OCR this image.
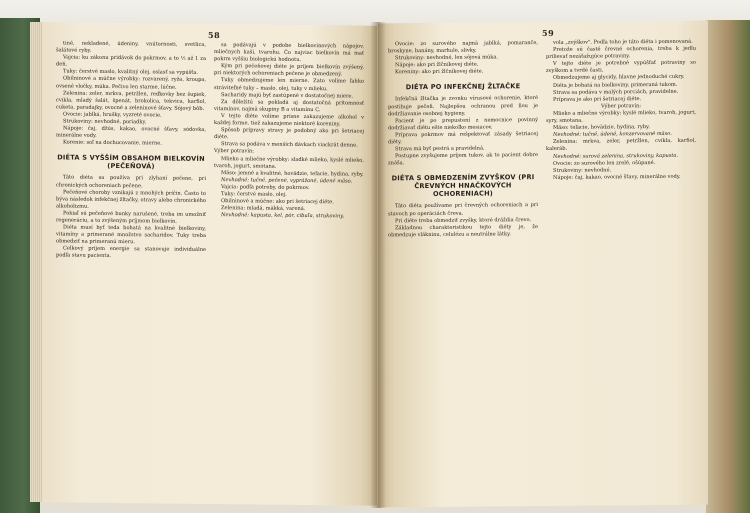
58

tiné, nekladené, údeniny, vnútornosti, svetlica, šalátové ryby.

Vajcia: ku zákonu pridávok do pokrmov, a to ½ až 1 za deň.

Tuky: čerstvé maslo, kvalitný olej, oslasť sa vypúšťa.

Obilninové a múčne výrobky: rozvarený, ryža, kroupa, ovsené vločky, múka. Pečivo len starme, lúčne.

Zelenina: zeler, mrkva, petržlen, reďkovky bez šupiek, cvikla, mladý šalát, špenát, brokolica, tekvica, karfiol, cuketa, paradajky, ovocné a zeleninové šťavy. Sójový bôb.

Ovocie: jablká, hrušky, vyzreté ovocie.

Strukoviny: nevhodné, poriadky.

Nápoje: čaj, džús, kakao, ovocné šťavy, sódovka, minerálne vody.

Korenie: soľ na dochucovanie, mierne.

DIÉTA S VYŠŠÍM OBSAHOM BIELKOVÍN (PEČEŇOVÁ)

Táto diéta sa používa pri zlyhaní pečene, pri chronických ochoreniach pečene.

Pečeňové choroby vznikajú z mnohých príčin. Často to býva následok infekčnej žltačky, otravy alebo chronického alkoholizmu.

Pokiaľ sú pečeňové bunky narušené, treba im umožniť regeneráciu, a to zvýšeným príjmom bielkovín.

Diéta musí byť teda bohatá na kvalitné bielkoviny, vitamíny a primerané množstvo sacharidov. Tuky treba obmedziť na primeranú mieru.

Celkový príjem energie sa stanovuje individuálne podľa stavu pacienta.

sa podávajú v podobe bielkovinových nápojov, mliečnych kaší, tvarohu. Čo najviac bielkovín má mať pokrm vyššiu biologickú hodnotu.

Kým pri pečeňovej diéte je príjem bielkovín zvýšený, pri niektorých ochoreniach pečene je obmedzený.

Tuky obmedzujeme len mierne. Zato volíme ľahko stráviteľné tuky – maslo, olej, tuky v mlieku.

Sacharidy majú byť zastúpené v dostatočnej miere.

Za dôležitú sa pokladá aj dostatočná prítomnosť vitamínov, najmä skupiny B a vitamínu C.

V tejto diéte volíme prísne zakazujeme alkohol v každej forme, tiež zakazujeme niektoré koreniny.

Spôsob prípravy stravy je podobný ako pri šetriacej diéte.

Strava sa podáva v menších dávkach viackrát denne.

Výber potravín:

Mlieko a mliečne výrobky: sladké mlieko, kyslé mlieko, tvaroh, jogurt, smotana.

Mäso: jemné a kvalitné, hovädzie, teľacie, hydina, ryby.

Nevhodné: tučné, pečené, vyprážané, údené mäso.

Vajcia: podľa potreby, do pokrmov.

Tuky: čerstvé maslo, olej.

Obilninové a múčne: ako pri šetriacej diéte.

Zelenina: mladá, mäkká, varená.

Nevhodné: kapusta, kel, pór, cibuľa, strukoviny.

59

Ovocie: zo surového najmä jablká, pomaranče, broskyne, banány, marhule, slivky.

Strukoviny: nevhodné, len sójová múka.

Nápoje: ako pri žlčníkovej diéte.

Koreniny: ako pri žlčníkovej diéte.

DIÉTA PO INFEKČNEJ ŽLTAČKE

Infekčná žltačka je zvonku vírusové ochorenie, ktoré postihuje pečeň. Najlepšou ochranou pred ňou je dodržiavanie osobnej hygieny.

Pacient je po prepustení z nemocnice povinný dodržiavať diétu ešte niekoľko mesiacov.

Príprava pokrmov má rešpektovať zásady šetriacej diéty.

Strava má byť pestrá a pravidelná.

Postupne zvyšujeme príjem tukov, ak to pacient dobre znáša.

DIÉTA S OBMEDZENÍM ZVYŠKOV (PRI ČREVNÝCH HNAČKOVÝCH OCHORENIACH)

Táto diéta používame pri črevných ochoreniach a pri stavoch po operáciách čreva.

Pri diéte treba obmedziť zvyšky, ktoré dráždia črevo.

Základnou charakteristikou tejto diéty je, že obmedzuje vlákninu, celulózu a neutrálne látky.

vola „zvýškov". Podľa toho je táto diéta i pomenovaná.

Pretože sú časté črevné ochorenia, treba k jedlu prilievať nezáťažujúce potraviny.

V tejto diéte je potrebné vypúšťať potraviny so zvyškom a tvrdé časti.

Obmedzujeme aj glycidy, hlavne jednoduché cukry.

Diéta je bohatá na bielkoviny, primeraná tukom.

Strava sa podáva v malých porciách, pravidelne.

Príprava je ako pri šetriacej diéte.

Výber potravín:

Mlieko a mliečne výrobky: kyslé mlieko, tvaroh, jogurt, syry, smotana.

Mäso: teľacie, hovädzie, hydina, ryby.

Nevhodné: tučné, údené, konzervované mäso.

Zelenina: mrkva, zeler, petržlen, cvikla, karfiol, kaleráb.

Nevhodné: surová zelenina, strukoviny, kapusta.

Ovocie: zo surového len zrelé, ošúpané.

Strukoviny: nevhodné.

Nápoje: čaj, kakao, ovocné šťavy, minerálne vody.
